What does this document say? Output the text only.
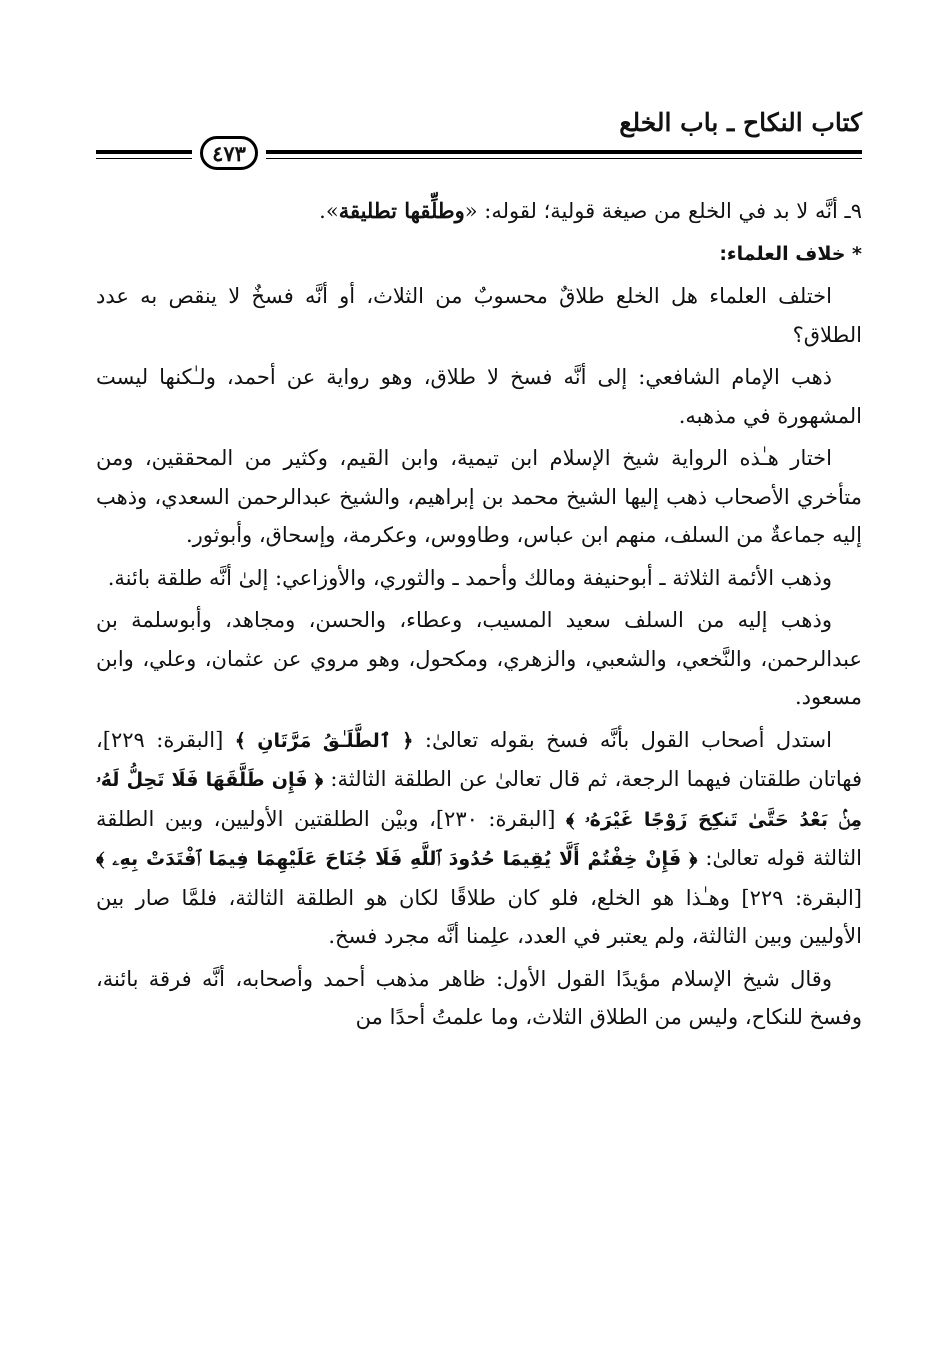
كتاب النكاح ـ باب الخلع
٤٧٣

٩ـ أنَّه لا بد في الخلع من صيغة قولية؛ لقوله: «وطلِّقها تطليقة».

* خلاف العلماء:

اختلف العلماء هل الخلع طلاقٌ محسوبٌ من الثلاث، أو أنَّه فسخٌ لا ينقص به عدد الطلاق؟

ذهب الإمام الشافعي: إلى أنَّه فسخ لا طلاق، وهو رواية عن أحمد، ولـٰكنها ليست المشهورة في مذهبه.

اختار هـٰذه الرواية شيخ الإسلام ابن تيمية، وابن القيم، وكثير من المحققين، ومن متأخري الأصحاب ذهب إليها الشيخ محمد بن إبراهيم، والشيخ عبدالرحمن السعدي، وذهب إليه جماعةٌ من السلف، منهم ابن عباس، وطاووس، وعكرمة، وإسحاق، وأبوثور.

وذهب الأئمة الثلاثة ـ أبوحنيفة ومالك وأحمد ـ والثوري، والأوزاعي: إلىٰ أنَّه طلقة بائنة.

وذهب إليه من السلف سعيد المسيب، وعطاء، والحسن، ومجاهد، وأبوسلمة بن عبدالرحمن، والنَّخعي، والشعبي، والزهري، ومكحول، وهو مروي عن عثمان، وعلي، وابن مسعود.

استدل أصحاب القول بأنَّه فسخ بقوله تعالىٰ: ﴿ ٱلطَّلَـٰقُ مَرَّتَانِ ﴾ [البقرة: ٢٢٩]، فهاتان طلقتان فيهما الرجعة، ثم قال تعالىٰ عن الطلقة الثالثة: ﴿ فَإِن طَلَّقَهَا فَلَا تَحِلُّ لَهُۥ مِنۢ بَعْدُ حَتَّىٰ تَنكِحَ زَوْجًا غَيْرَهُۥ ﴾ [البقرة: ٢٣٠]، وبيْن الطلقتين الأوليين، وبين الطلقة الثالثة قوله تعالىٰ: ﴿ فَإِنْ خِفْتُمْ أَلَّا يُقِيمَا حُدُودَ ٱللَّهِ فَلَا جُنَاحَ عَلَيْهِمَا فِيمَا ٱفْتَدَتْ بِهِۦ ﴾ [البقرة: ٢٢٩] وهـٰذا هو الخلع، فلو كان طلاقًا لكان هو الطلقة الثالثة، فلمَّا صار بين الأوليين وبين الثالثة، ولم يعتبر في العدد، علِمنا أنَّه مجرد فسخ.

وقال شيخ الإسلام مؤيدًا القول الأول: ظاهر مذهب أحمد وأصحابه، أنَّه فرقة بائنة، وفسخ للنكاح، وليس من الطلاق الثلاث، وما علمتُ أحدًا من
